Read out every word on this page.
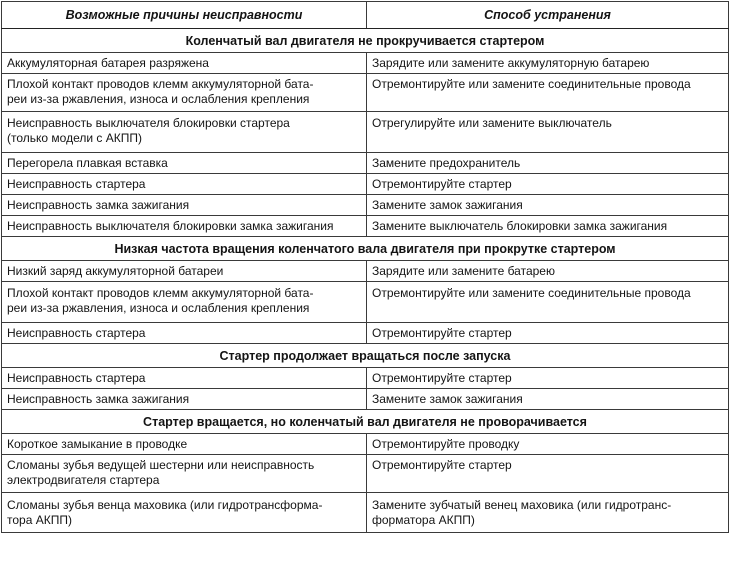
Возможные причины неисправности	Способ устранения
Коленчатый вал двигателя не прокручивается стартером	
Аккумуляторная батарея разряжена	Зарядите или замените аккумуляторную батарею
Плохой контакт проводов клемм аккумуляторной бата-
реи из-за ржавления, износа и ослабления крепления	Отремонтируйте или замените соединительные провода
Неисправность выключателя блокировки стартера
(только модели с АКПП)	Отрегулируйте или замените выключатель
Перегорела плавкая вставка	Замените предохранитель
Неисправность стартера	Отремонтируйте стартер
Неисправность замка зажигания	Замените замок зажигания
Неисправность выключателя блокировки замка зажигания	Замените выключатель блокировки замка зажигания
Низкая частота вращения коленчатого вала двигателя при прокрутке стартером	
Низкий заряд аккумуляторной батареи	Зарядите или замените батарею
Плохой контакт проводов клемм аккумуляторной бата-
реи из-за ржавления, износа и ослабления крепления	Отремонтируйте или замените соединительные провода
Неисправность стартера	Отремонтируйте стартер
Стартер продолжает вращаться после запуска	
Неисправность стартера	Отремонтируйте стартер
Неисправность замка зажигания	Замените замок зажигания
Стартер вращается, но коленчатый вал двигателя не проворачивается	
Короткое замыкание в проводке	Отремонтируйте проводку
Сломаны зубья ведущей шестерни или неисправность
электродвигателя стартера	Отремонтируйте стартер
Сломаны зубья венца маховика (или гидротрансформа-
тора АКПП)	Замените зубчатый венец маховика (или гидротранс-
форматора АКПП)
